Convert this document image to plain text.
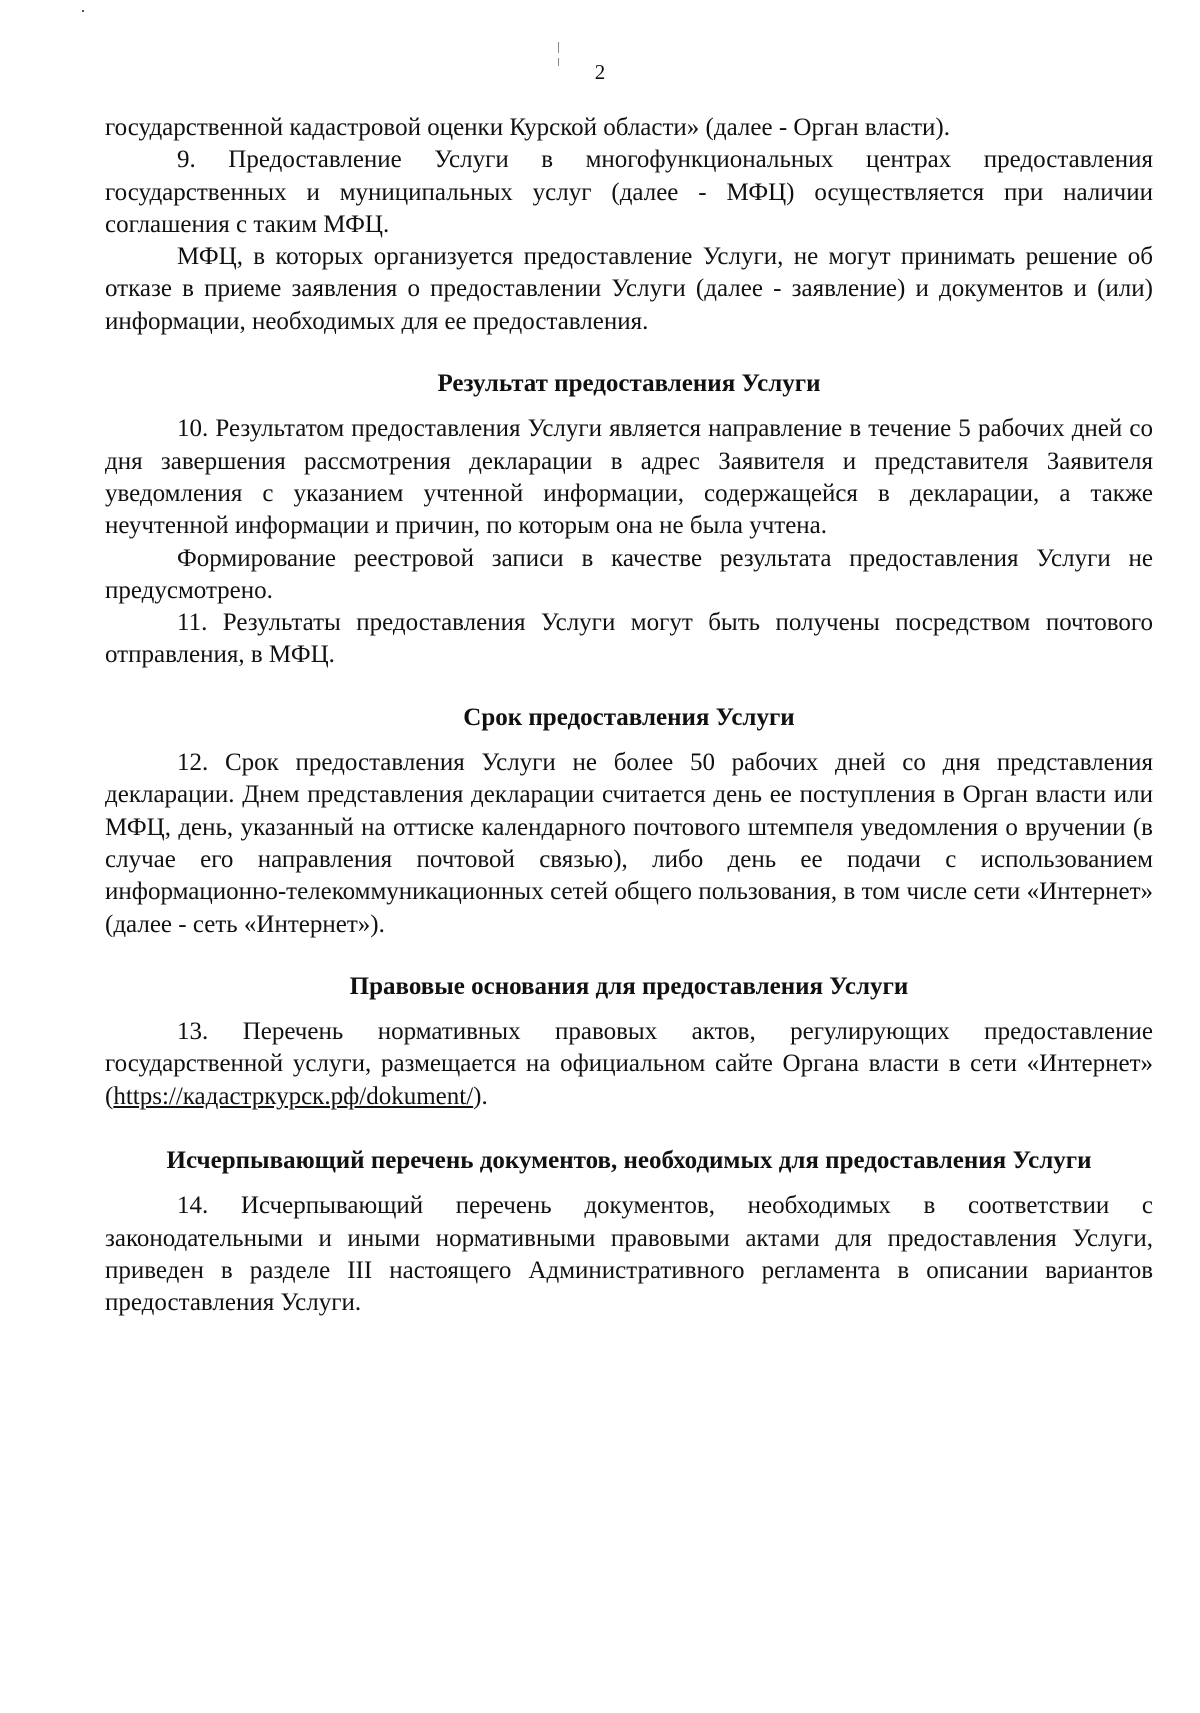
2

государственной кадастровой оценки Курской области» (далее - Орган власти).

9. Предоставление Услуги в многофункциональных центрах предоставления государственных и муниципальных услуг (далее - МФЦ) осуществляется при наличии соглашения с таким МФЦ.

МФЦ, в которых организуется предоставление Услуги, не могут принимать решение об отказе в приеме заявления о предоставлении Услуги (далее - заявление) и документов и (или) информации, необходимых для ее предоставления.

Результат предоставления Услуги

10. Результатом предоставления Услуги является направление в течение 5 рабочих дней со дня завершения рассмотрения декларации в адрес Заявителя и представителя Заявителя уведомления с указанием учтенной информации, содержащейся в декларации, а также неучтенной информации и причин, по которым она не была учтена.

Формирование реестровой записи в качестве результата предоставления Услуги не предусмотрено.

11. Результаты предоставления Услуги могут быть получены посредством почтового отправления, в МФЦ.

Срок предоставления Услуги

12. Срок предоставления Услуги не более 50 рабочих дней со дня представления декларации. Днем представления декларации считается день ее поступления в Орган власти или МФЦ, день, указанный на оттиске календарного почтового штемпеля уведомления о вручении (в случае его направления почтовой связью), либо день ее подачи с использованием информационно-телекоммуникационных сетей общего пользования, в том числе сети «Интернет» (далее - сеть «Интернет»).

Правовые основания для предоставления Услуги

13. Перечень нормативных правовых актов, регулирующих предоставление государственной услуги, размещается на официальном сайте Органа власти в сети «Интернет» (https://кадастркурск.рф/dokument/).

Исчерпывающий перечень документов, необходимых для предоставления Услуги

14. Исчерпывающий перечень документов, необходимых в соответствии с законодательными и иными нормативными правовыми актами для предоставления Услуги, приведен в разделе III настоящего Административного регламента в описании вариантов предоставления Услуги.
